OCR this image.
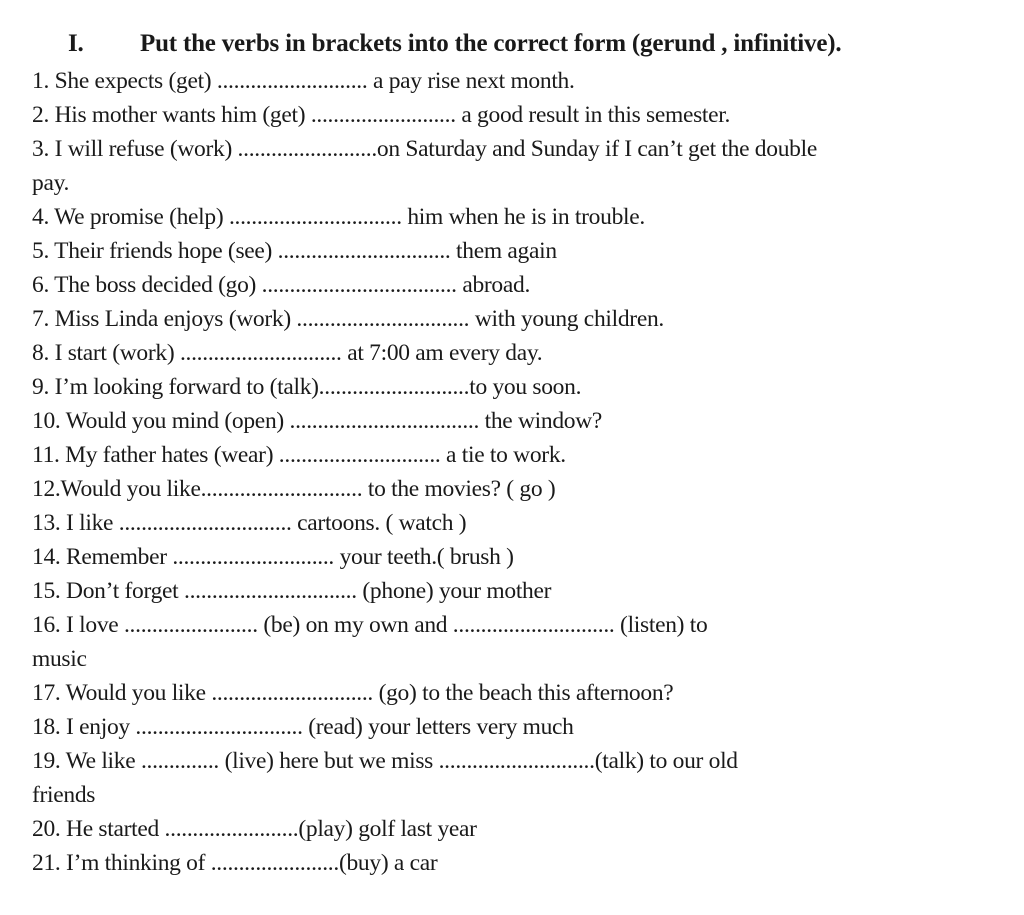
I. Put the verbs in brackets into the correct form (gerund , infinitive).
1. She expects (get) ........................... a pay rise next month.
2. His mother wants him (get) .......................... a good result in this semester.
3. I will refuse (work) .........................on Saturday and Sunday if I can’t get the double
pay.
4. We promise (help) ............................... him when he is in trouble.
5. Their friends hope (see) ............................... them again
6. The boss decided (go) ................................... abroad.
7. Miss Linda enjoys (work) ............................... with young children.
8. I start (work) ............................. at 7:00 am every day.
9. I’m looking forward to (talk)...........................to you soon.
10. Would you mind (open) .................................. the window?
11. My father hates (wear) ............................. a tie to work.
12.Would you like............................. to the movies? ( go )
13. I like ............................... cartoons. ( watch )
14. Remember ............................. your teeth.( brush )
15. Don’t forget ............................... (phone) your mother
16. I love ........................ (be) on my own and ............................. (listen) to
music
17. Would you like ............................. (go) to the beach this afternoon?
18. I enjoy .............................. (read) your letters very much
19. We like .............. (live) here but we miss ............................(talk) to our old
friends
20. He started ........................(play) golf last year
21. I’m thinking of .......................(buy) a car
